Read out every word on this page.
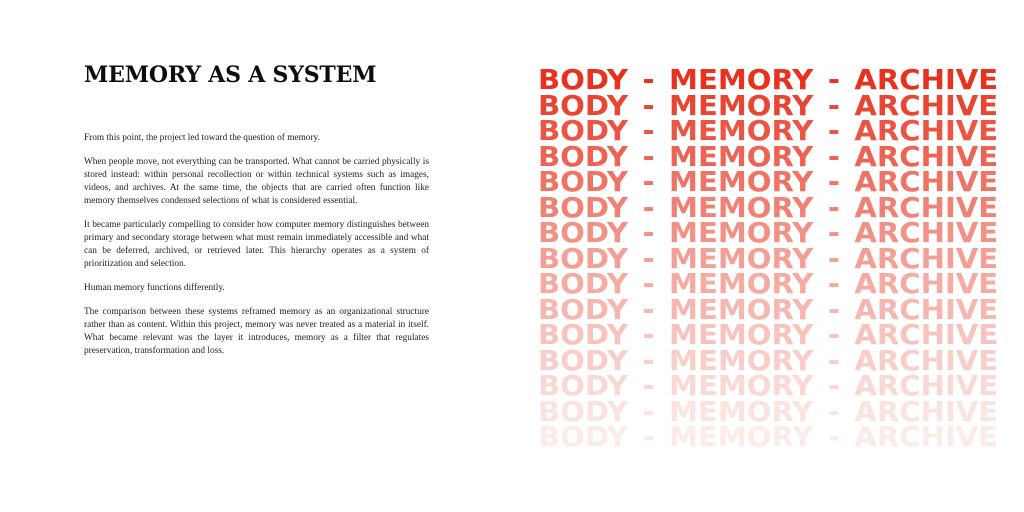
MEMORY AS A SYSTEM

From this point, the project led toward the question of memory.

When people move, not everything can be transported. What cannot be carried physically is stored instead: within personal recollection or within technical systems such as images, videos, and archives. At the same time, the objects that are carried often function like memory themselves condensed selections of what is considered essential.

It became particularly compelling to consider how computer memory distinguishes between primary and secondary storage between what must remain immediately accessible and what can be deferred, archived, or retrieved later. This hierarchy operates as a system of prioritization and selection.

Human memory functions differently.

The comparison between these systems reframed memory as an organizational structure rather than as content. Within this project, memory was never treated as a material in itself. What became relevant was the layer it introduces, memory as a filter that regulates preservation, transformation and loss.

BODY - MEMORY - ARCHIVE
BODY - MEMORY - ARCHIVE
BODY - MEMORY - ARCHIVE
BODY - MEMORY - ARCHIVE
BODY - MEMORY - ARCHIVE
BODY - MEMORY - ARCHIVE
BODY - MEMORY - ARCHIVE
BODY - MEMORY - ARCHIVE
BODY - MEMORY - ARCHIVE
BODY - MEMORY - ARCHIVE
BODY - MEMORY - ARCHIVE
BODY - MEMORY - ARCHIVE
BODY - MEMORY - ARCHIVE
BODY - MEMORY - ARCHIVE
BODY - MEMORY - ARCHIVE
